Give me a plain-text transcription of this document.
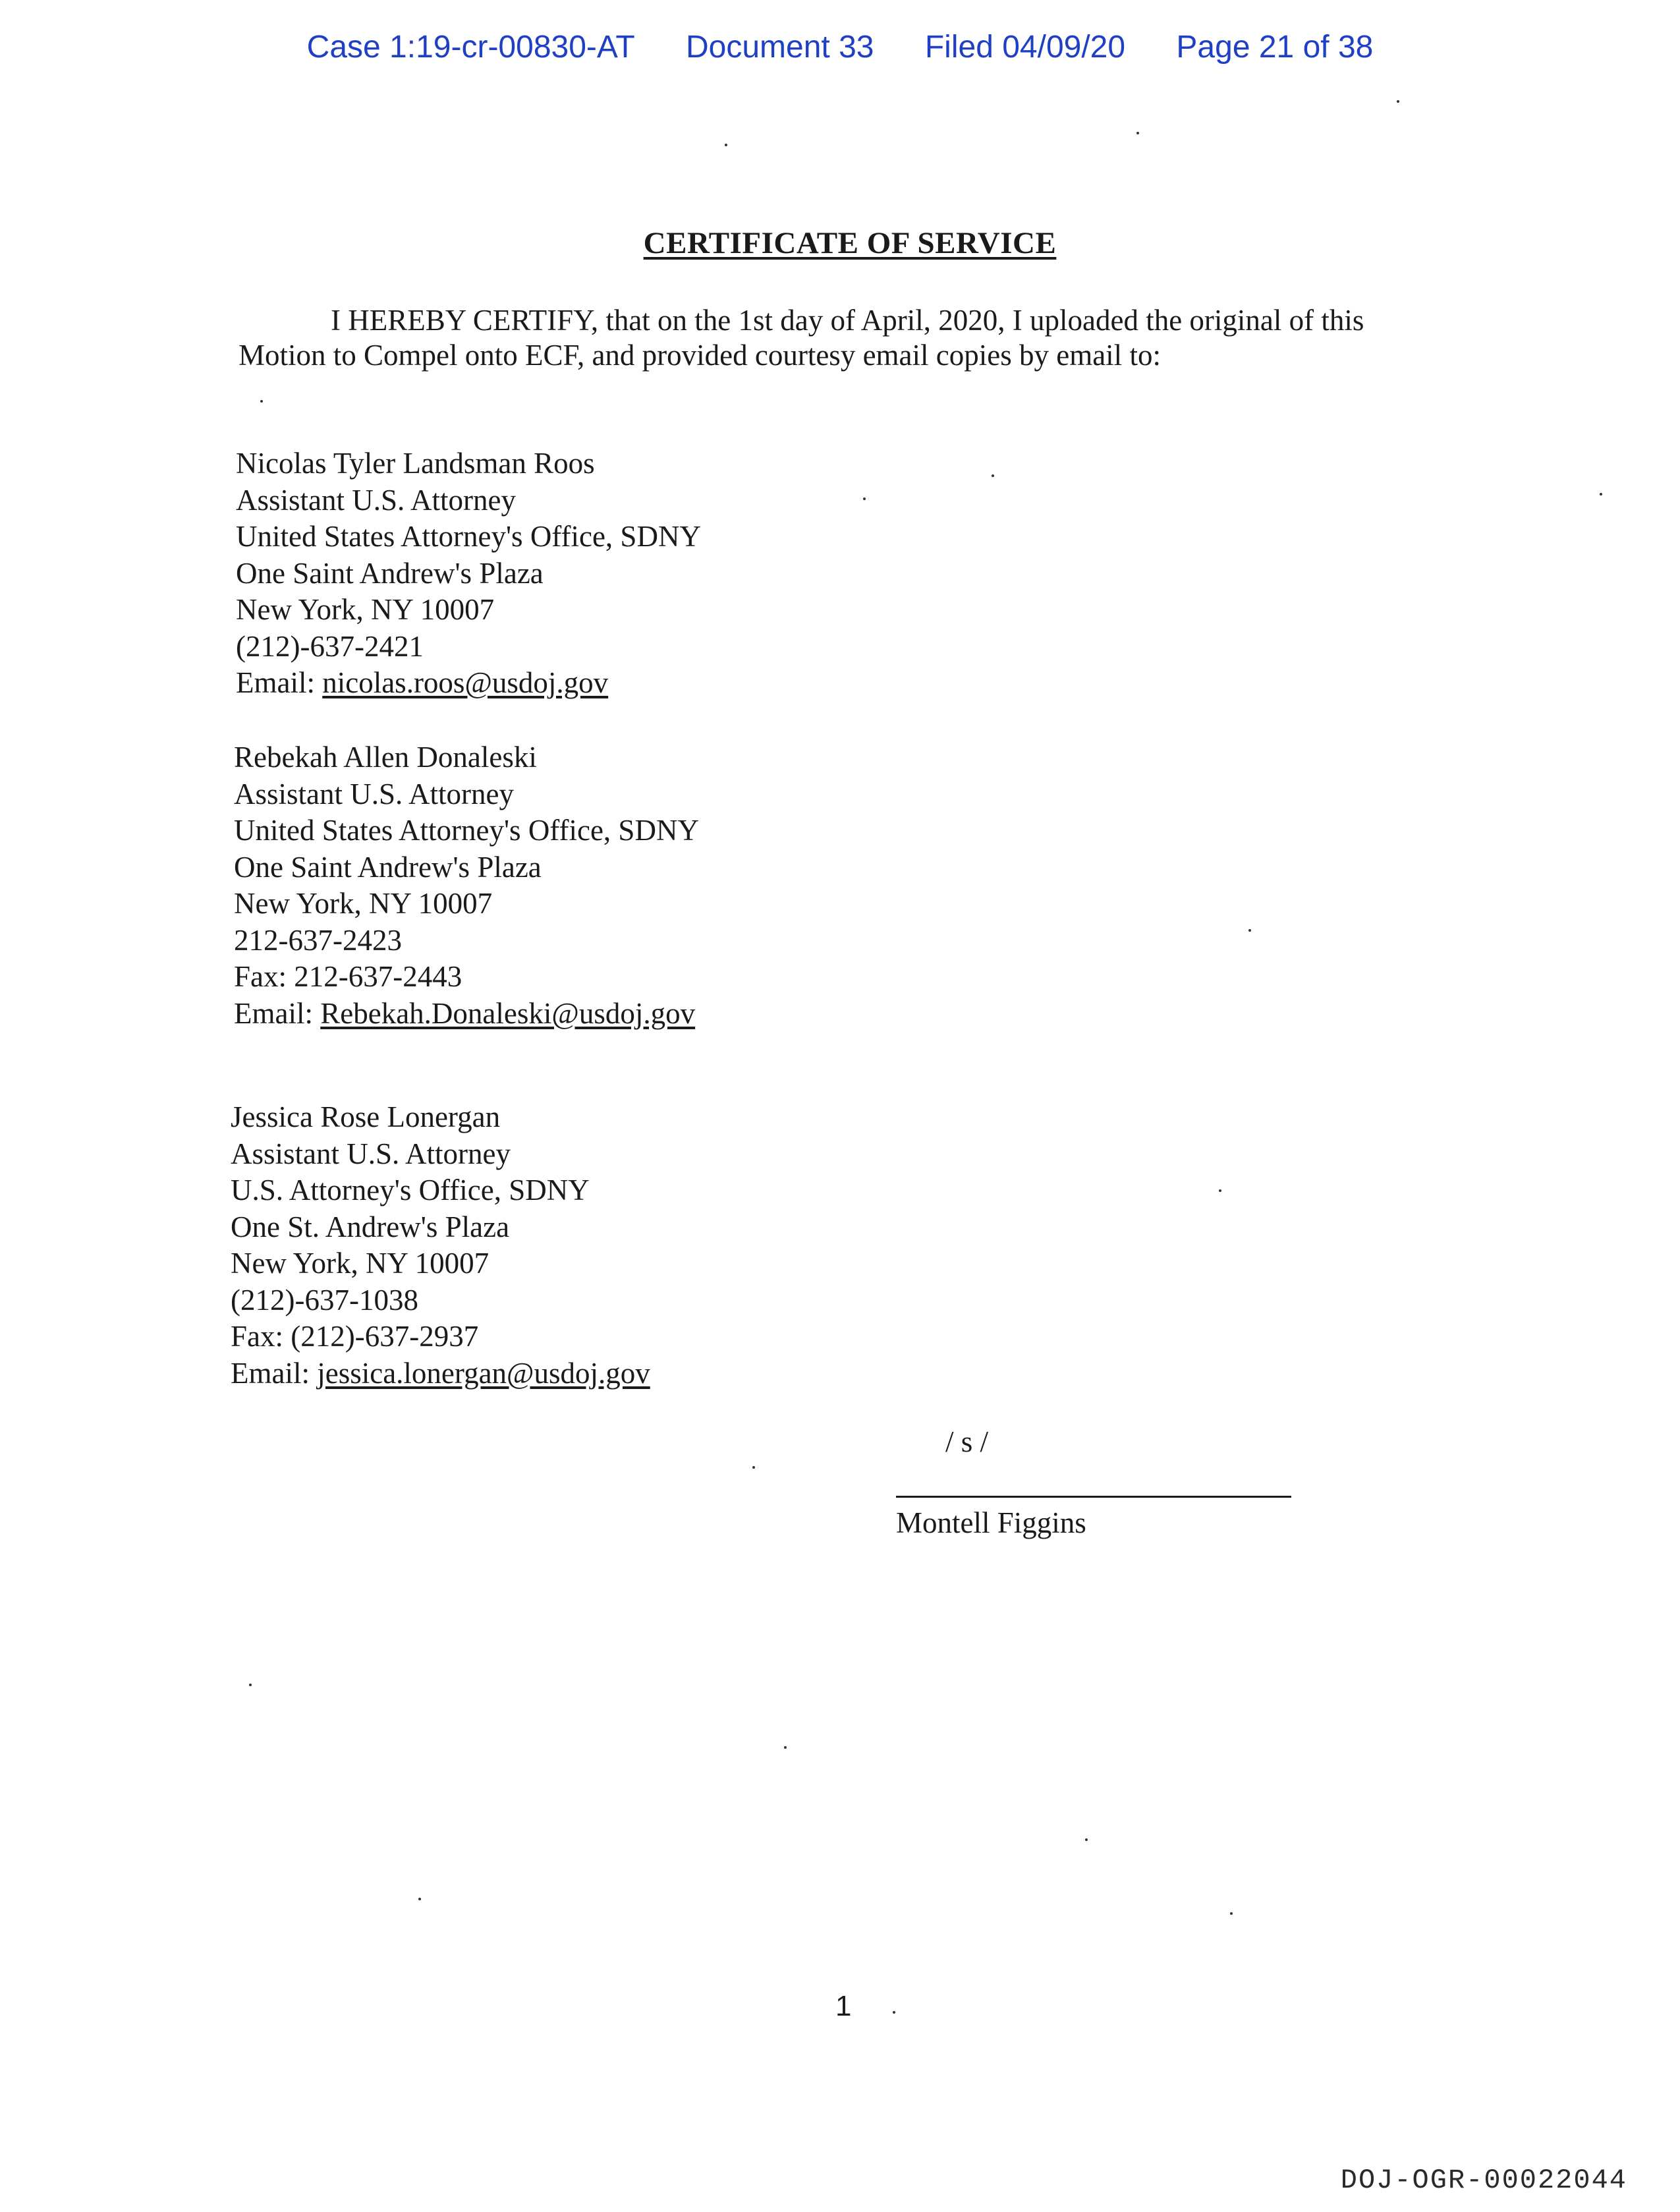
Case 1:19-cr-00830-AT Document 33 Filed 04/09/20 Page 21 of 38
CERTIFICATE OF SERVICE
I HEREBY CERTIFY, that on the 1st day of April, 2020, I uploaded the original of this
Motion to Compel onto ECF, and provided courtesy email copies by email to:
Nicolas Tyler Landsman Roos
Assistant U.S. Attorney
United States Attorney's Office, SDNY
One Saint Andrew's Plaza
New York, NY 10007
(212)-637-2421
Email: nicolas.roos@usdoj.gov
Rebekah Allen Donaleski
Assistant U.S. Attorney
United States Attorney's Office, SDNY
One Saint Andrew's Plaza
New York, NY 10007
212-637-2423
Fax: 212-637-2443
Email: Rebekah.Donaleski@usdoj.gov
Jessica Rose Lonergan
Assistant U.S. Attorney
U.S. Attorney's Office, SDNY
One St. Andrew's Plaza
New York, NY 10007
(212)-637-1038
Fax: (212)-637-2937
Email: jessica.lonergan@usdoj.gov
/ s /
Montell Figgins
1
DOJ-OGR-00022044
